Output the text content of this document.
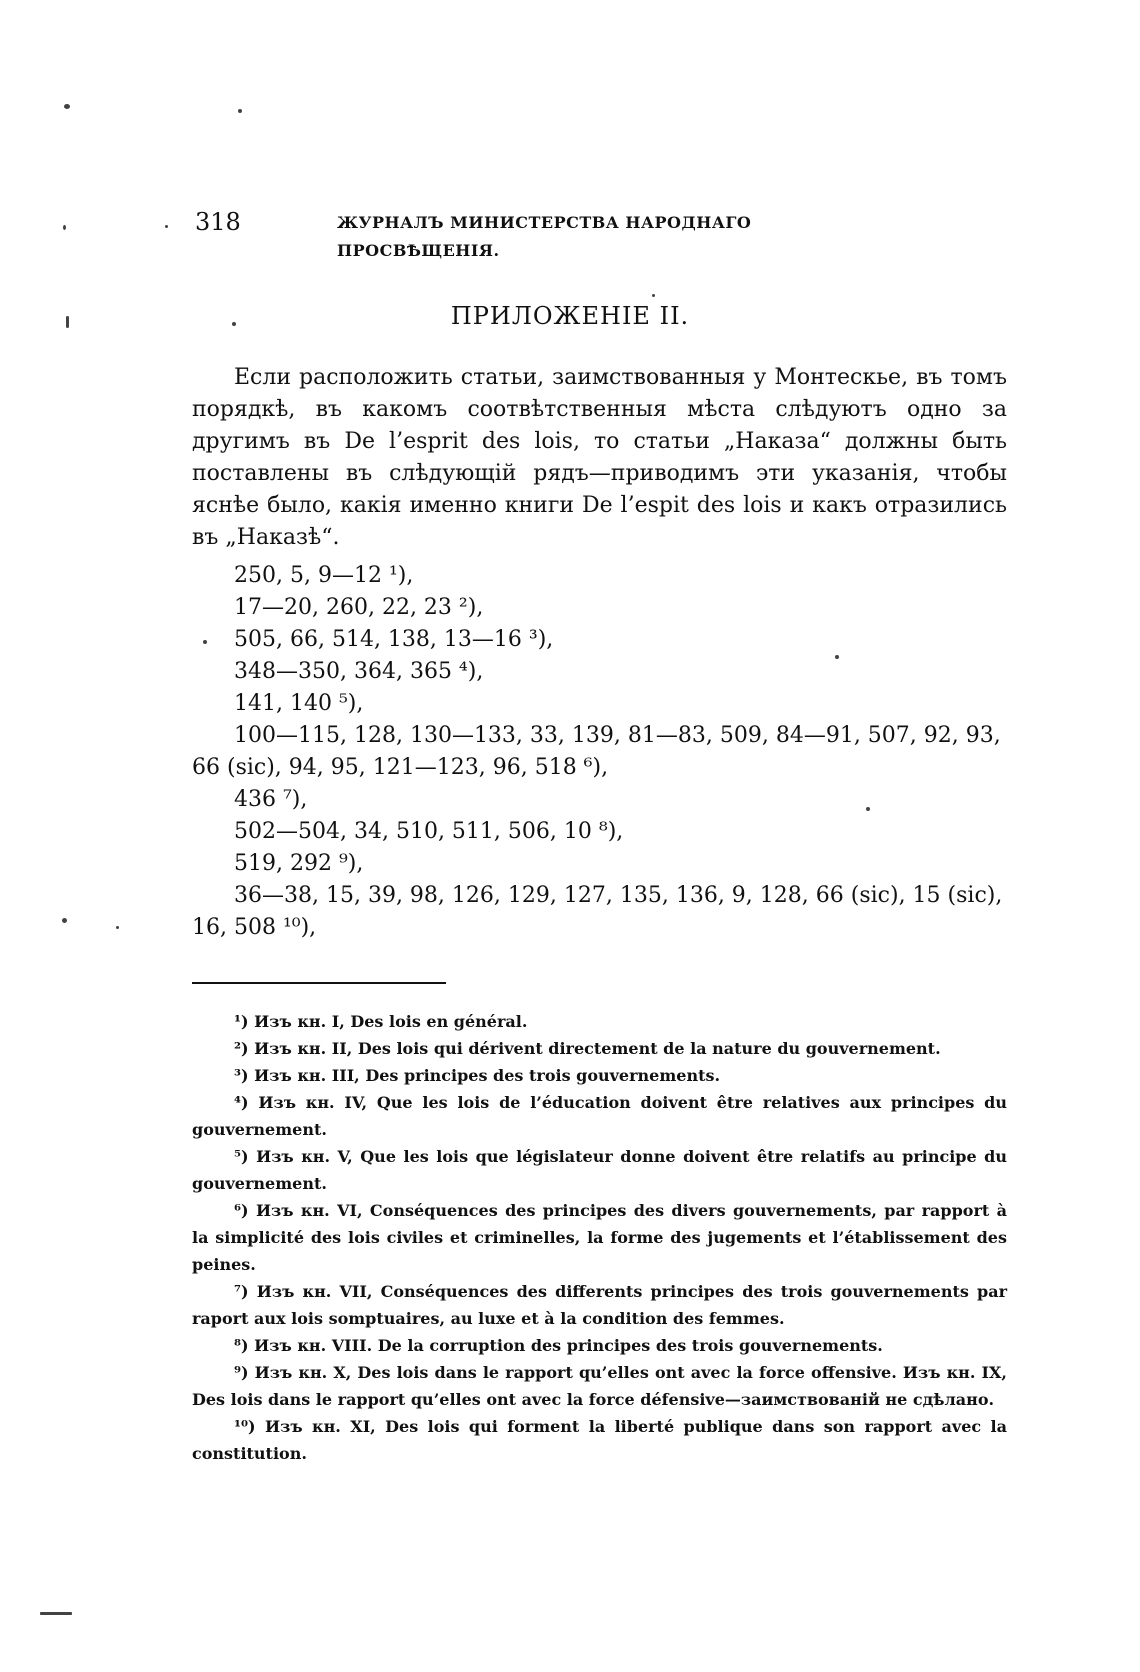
318	ЖУРНАЛЪ МИНИСТЕРСТВА НАРОДНАГО ПРОСВѢЩЕНІЯ.
ПРИЛОЖЕНІЕ II.

Если расположить статьи, заимствованныя у Монтескье, въ томъ порядкѣ, въ какомъ соотвѣтственныя мѣста слѣдуютъ одно за другимъ въ De l’esprit des lois, то статьи „Наказа“ должны быть поставлены въ слѣдующій рядъ—приводимъ эти указанія, чтобы яснѣе было, какія именно книги De l’espit des lois и какъ отразились въ „Наказѣ“.

250, 5, 9—12 ¹),
17—20, 260, 22, 23 ²),
505, 66, 514, 138, 13—16 ³),
348—350, 364, 365 ⁴),
141, 140 ⁵),
100—115, 128, 130—133, 33, 139, 81—83, 509, 84—91, 507, 92, 93, 66 (sic), 94, 95, 121—123, 96, 518 ⁶),
436 ⁷),
502—504, 34, 510, 511, 506, 10 ⁸),
519, 292 ⁹),
36—38, 15, 39, 98, 126, 129, 127, 135, 136, 9, 128, 66 (sic), 15 (sic), 16, 508 ¹⁰),
¹) Изъ кн. I, Des lois en général.
²) Изъ кн. II, Des lois qui dérivent directement de la nature du gouvernement.
³) Изъ кн. III, Des principes des trois gouvernements.
⁴) Изъ кн. IV, Que les lois de l’éducation doivent être relatives aux principes du gouvernement.
⁵) Изъ кн. V, Que les lois que législateur donne doivent être relatifs au principe du gouvernement.
⁶) Изъ кн. VI, Conséquences des principes des divers gouvernements, par rapport à la simplicité des lois civiles et criminelles, la forme des jugements et l’établissement des peines.
⁷) Изъ кн. VII, Conséquences des differents principes des trois gouvernements par raport aux lois somptuaires, au luxe et à la condition des femmes.
⁸) Изъ кн. VIII. De la corruption des principes des trois gouvernements.
⁹) Изъ кн. X, Des lois dans le rapport qu’elles ont avec la force offensive. Изъ кн. IX, Des lois dans le rapport qu’elles ont avec la force défensive—заимствованій не сдѣлано.
¹⁰) Изъ кн. XI, Des lois qui forment la liberté publique dans son rapport avec la constitution.
